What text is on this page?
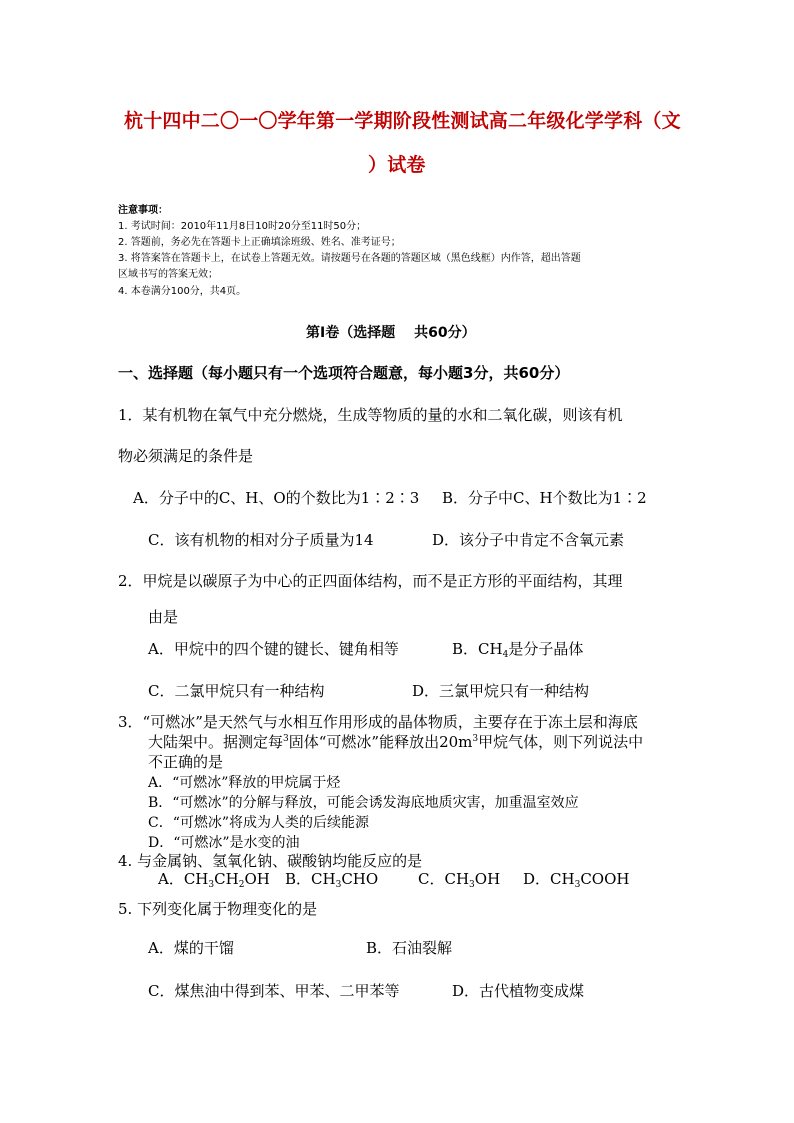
杭十四中二〇一〇学年第一学期阶段性测试高二年级化学学科（文
）试卷
注意事项：
1. 考试时间：2010年11月8日10时20分至11时50分；
2. 答题前，务必先在答题卡上正确填涂班级、姓名、准考证号；
3. 将答案答在答题卡上，在试卷上答题无效。请按题号在各题的答题区域（黑色线框）内作答，超出答题
区域书写的答案无效；
4. 本卷满分100分，共4页。
第Ⅰ卷（选择题　 共60分）
一、选择题（每小题只有一个选项符合题意，每小题3分，共60分）
1．某有机物在氧气中充分燃烧，生成等物质的量的水和二氧化碳，则该有机
物必须满足的条件是
A．分子中的C、H、O的个数比为1∶2∶3 B．分子中C、H个数比为1∶2
C．该有机物的相对分子质量为14	D．该分子中肯定不含氧元素
2．甲烷是以碳原子为中心的正四面体结构，而不是正方形的平面结构，其理
由是
A．甲烷中的四个键的键长、键角相等	B．$CH_4$是分子晶体
C．二氯甲烷只有一种结构	D．三氯甲烷只有一种结构
3．“可燃冰”是天然气与水相互作用形成的晶体物质，主要存在于冻土层和海底
大陆架中。据测定每$^3$固体“可燃冰”能释放出$20m^3$甲烷气体，则下列说法中
不正确的是
A．“可燃冰”释放的甲烷属于烃
B．“可燃冰”的分解与释放，可能会诱发海底地质灾害，加重温室效应
C．“可燃冰”将成为人类的后续能源
D．“可燃冰”是水变的油
4. 与金属钠、氢氧化钠、碳酸钠均能反应的是
A．$CH_3CH_2OH$ B．$CH_3CHO$	C．$CH_3OH$ D．$CH_3COOH$
5. 下列变化属于物理变化的是
A．煤的干馏	B．石油裂解
C．煤焦油中得到苯、甲苯、二甲苯等	D．古代植物变成煤
